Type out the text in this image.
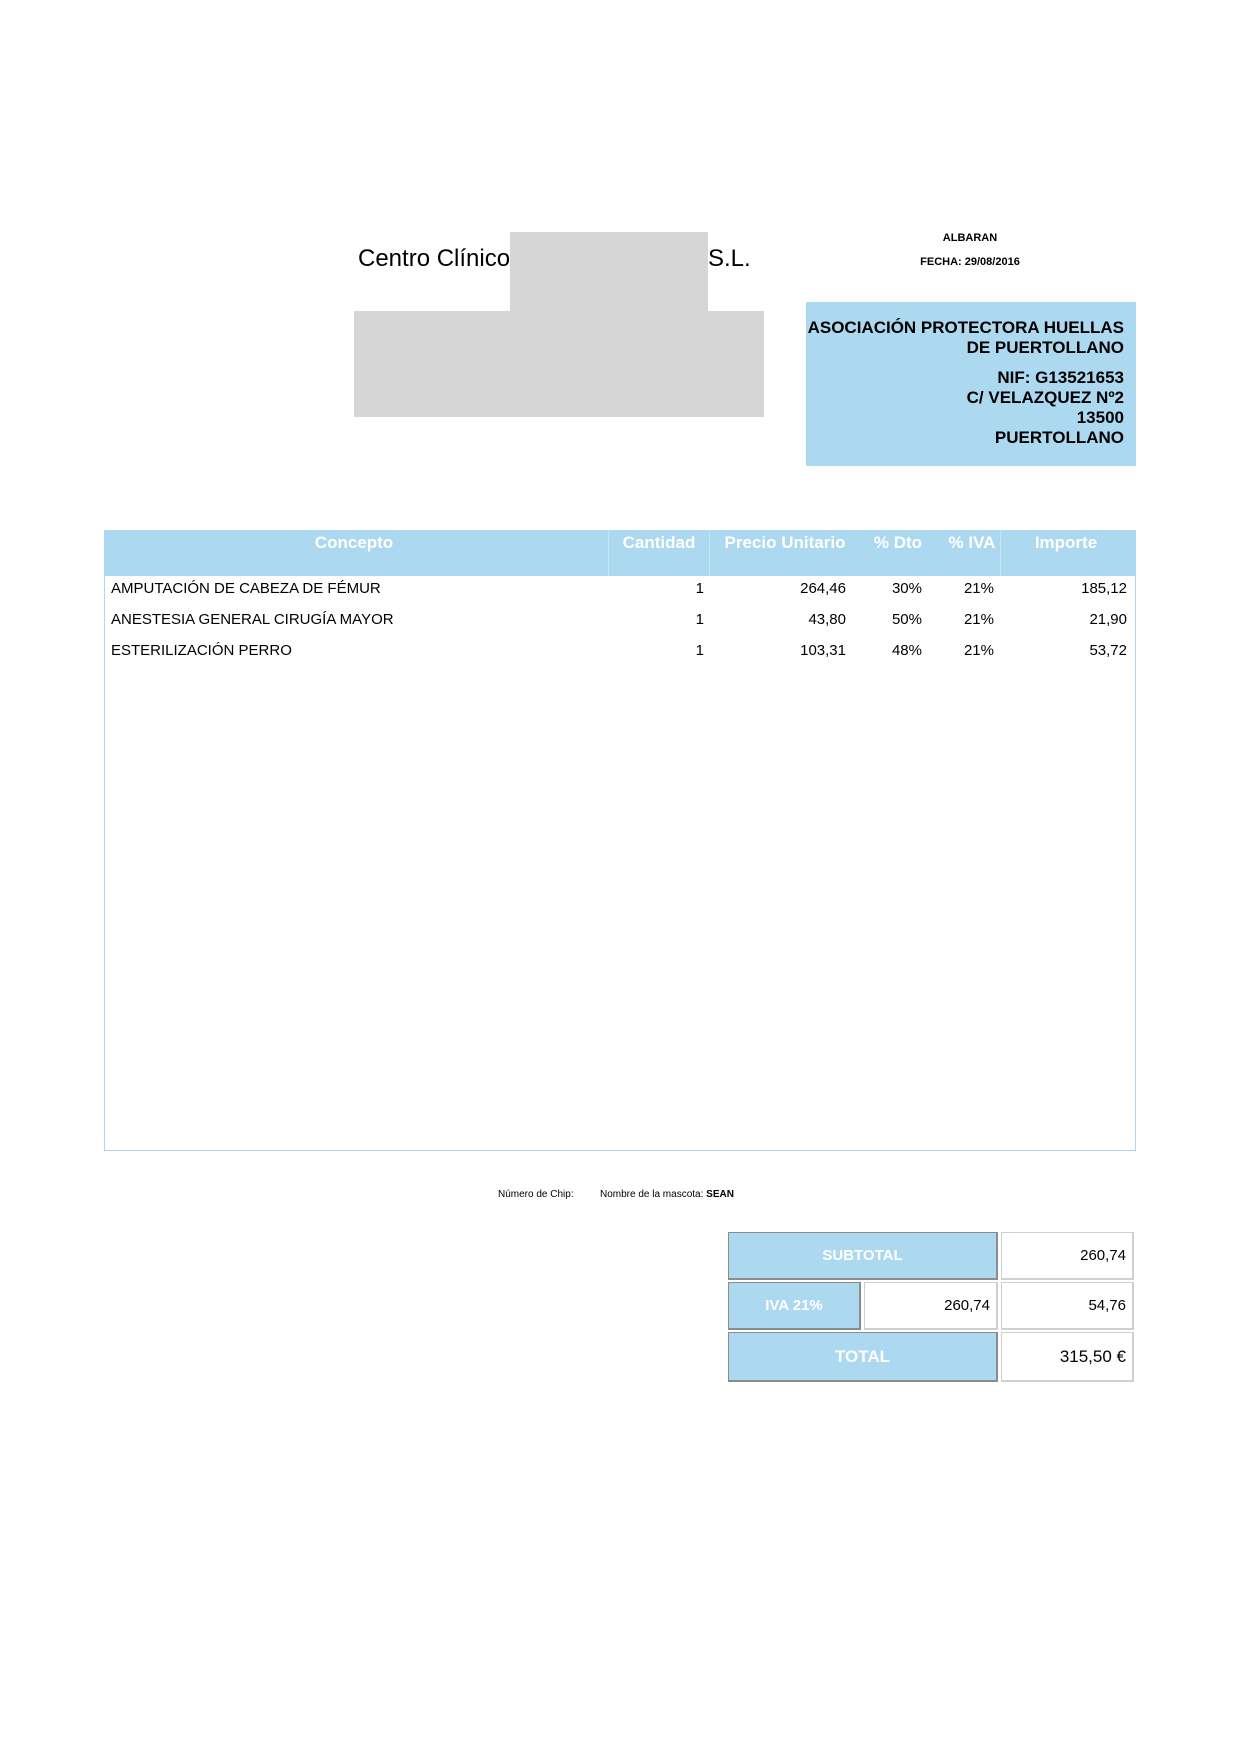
Centro Clínico	S.L.
ALBARAN
FECHA: 29/08/2016
ASOCIACIÓN PROTECTORA HUELLAS
DE PUERTOLLANO
NIF: G13521653
C/ VELAZQUEZ Nº2
13500
PUERTOLLANO
Concepto	Cantidad	Precio Unitario	% Dto	% IVA	Importe
AMPUTACIÓN DE CABEZA DE FÉMUR	1	264,46	30%	21%	185,12
ANESTESIA GENERAL CIRUGÍA MAYOR	1	43,80	50%	21%	21,90
ESTERILIZACIÓN PERRO	1	103,31	48%	21%	53,72
Número de Chip:	Nombre de la mascota: SEAN
SUBTOTAL	260,74
IVA 21%	260,74	54,76
TOTAL	315,50 €
